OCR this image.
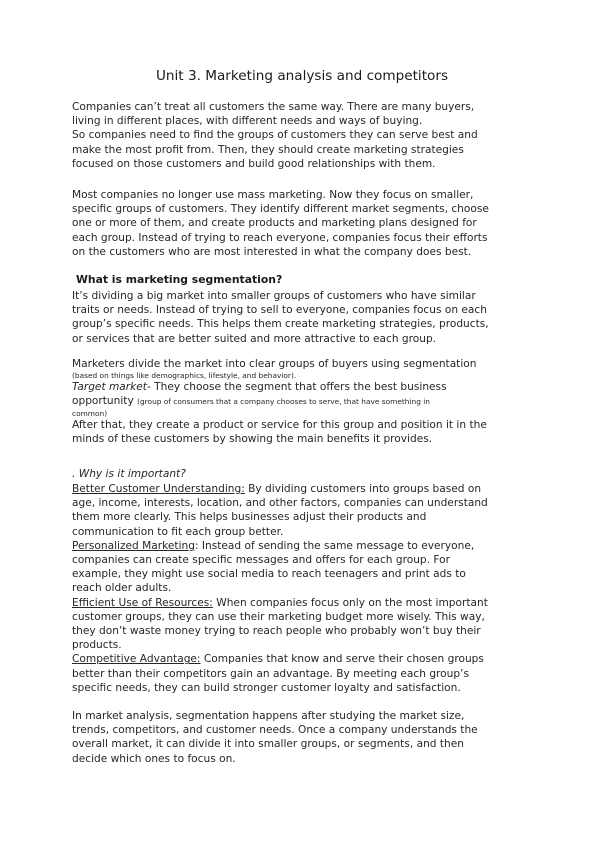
Unit 3. Marketing analysis and competitors

Companies can’t treat all customers the same way. There are many buyers,

living in different places, with different needs and ways of buying.

So companies need to find the groups of customers they can serve best and

make the most profit from. Then, they should create marketing strategies

focused on those customers and build good relationships with them.

Most companies no longer use mass marketing. Now they focus on smaller,

specific groups of customers. They identify different market segments, choose

one or more of them, and create products and marketing plans designed for

each group. Instead of trying to reach everyone, companies focus their efforts

on the customers who are most interested in what the company does best.

What is marketing segmentation?

It’s dividing a big market into smaller groups of customers who have similar

traits or needs. Instead of trying to sell to everyone, companies focus on each

group’s specific needs. This helps them create marketing strategies, products,

or services that are better suited and more attractive to each group.

Marketers divide the market into clear groups of buyers using segmentation

(based on things like demographics, lifestyle, and behavior).

Target market- They choose the segment that offers the best business

opportunity (group of consumers that a company chooses to serve, that have something in

common)

After that, they create a product or service for this group and position it in the

minds of these customers by showing the main benefits it provides.

. Why is it important?

Better Customer Understanding: By dividing customers into groups based on

age, income, interests, location, and other factors, companies can understand

them more clearly. This helps businesses adjust their products and

communication to fit each group better.

Personalized Marketing: Instead of sending the same message to everyone,

companies can create specific messages and offers for each group. For

example, they might use social media to reach teenagers and print ads to

reach older adults.

Efficient Use of Resources: When companies focus only on the most important

customer groups, they can use their marketing budget more wisely. This way,

they don’t waste money trying to reach people who probably won’t buy their

products.

Competitive Advantage: Companies that know and serve their chosen groups

better than their competitors gain an advantage. By meeting each group’s

specific needs, they can build stronger customer loyalty and satisfaction.

In market analysis, segmentation happens after studying the market size,

trends, competitors, and customer needs. Once a company understands the

overall market, it can divide it into smaller groups, or segments, and then

decide which ones to focus on.
